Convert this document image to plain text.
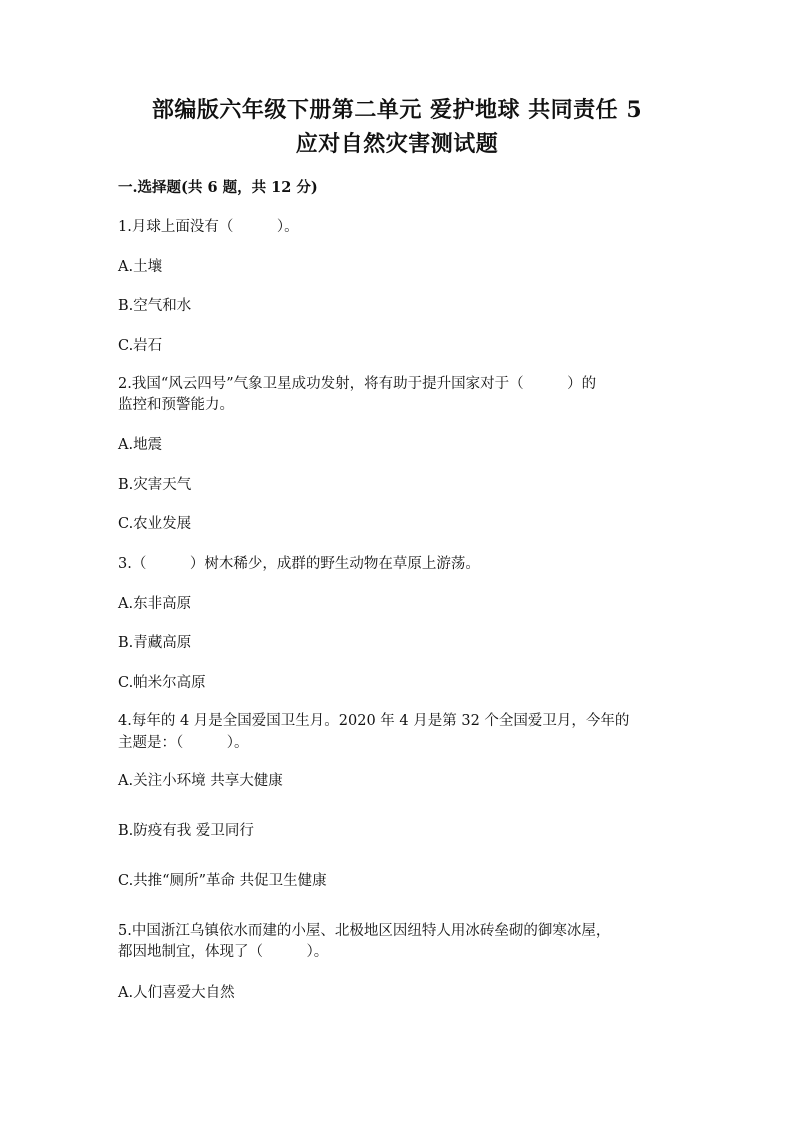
部编版六年级下册第二单元 爱护地球 共同责任 5
应对自然灾害测试题
一.选择题(共 6 题，共 12 分)
1.月球上面没有（　　　）。
A.土壤
B.空气和水
C.岩石
2.我国“风云四号”气象卫星成功发射，将有助于提升国家对于（　　　）的
监控和预警能力。
A.地震
B.灾害天气
C.农业发展
3.（　　　）树木稀少，成群的野生动物在草原上游荡。
A.东非高原
B.青藏高原
C.帕米尔高原
4.每年的 4 月是全国爱国卫生月。2020 年 4 月是第 32 个全国爱卫月，今年的
主题是：（　　　）。
A.关注小环境 共享大健康
B.防疫有我 爱卫同行
C.共推“厕所”革命 共促卫生健康
5.中国浙江乌镇依水而建的小屋、北极地区因纽特人用冰砖垒砌的御寒冰屋，
都因地制宜，体现了（　　　）。
A.人们喜爱大自然
